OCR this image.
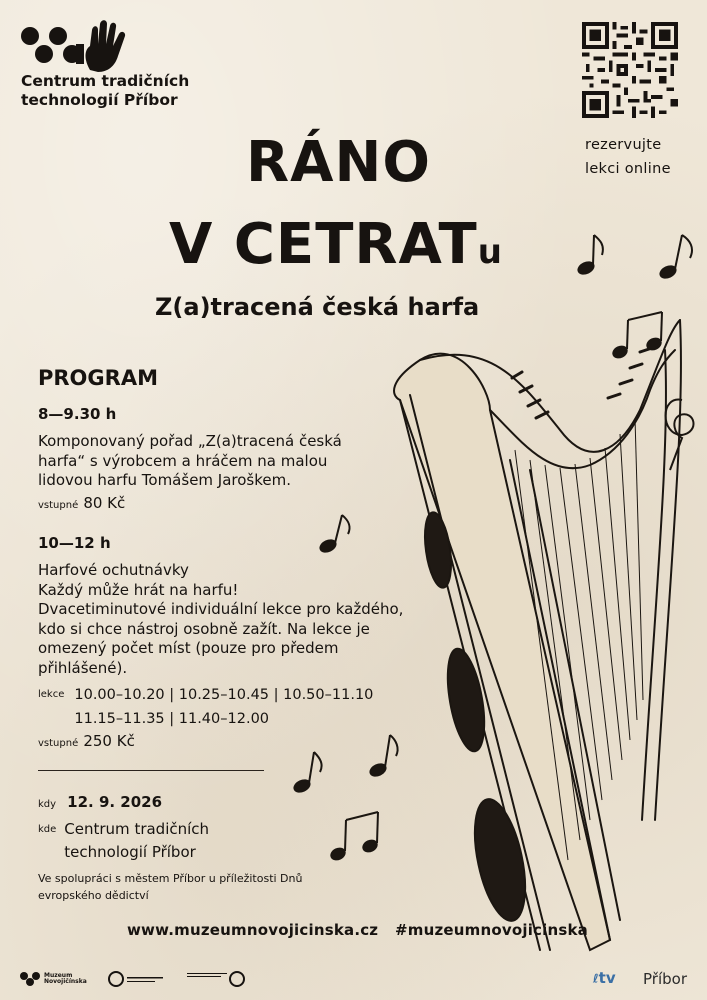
Centrum tradičních
technologií Příbor
rezervujte
lekci online
RÁNO
V CETRATu
Z(a)tracená česká harfa
PROGRAM
8—9.30 h
Komponovaný pořad „Z(a)tracená česká harfa“ s výrobcem a hráčem na malou lidovou harfu Tomášem Jaroškem.
vstupné 80 Kč
10—12 h
Harfové ochutnávky
Každý může hrát na harfu!
Dvacetiminutové individuální lekce pro každého, kdo si chce nástroj osobně zažít. Na lekce je omezený počet míst (pouze pro předem přihlášené).
$^{lekce}$ 10.00–10.20 | 10.25–10.45 | 10.50–11.10
11.15–11.35 | 11.40–12.00
vstupné 250 Kč
kdy 12. 9. 2026
$^{kde}$ Centrum tradičních
technologií Příbor
Ve spolupráci s městem Příbor u příležitosti Dnů evropského dědictví
www.muzeumnovojicinska.cz #muzeumnovojicinska
Muzeum
Novojičínska	ℓtv Příbor
